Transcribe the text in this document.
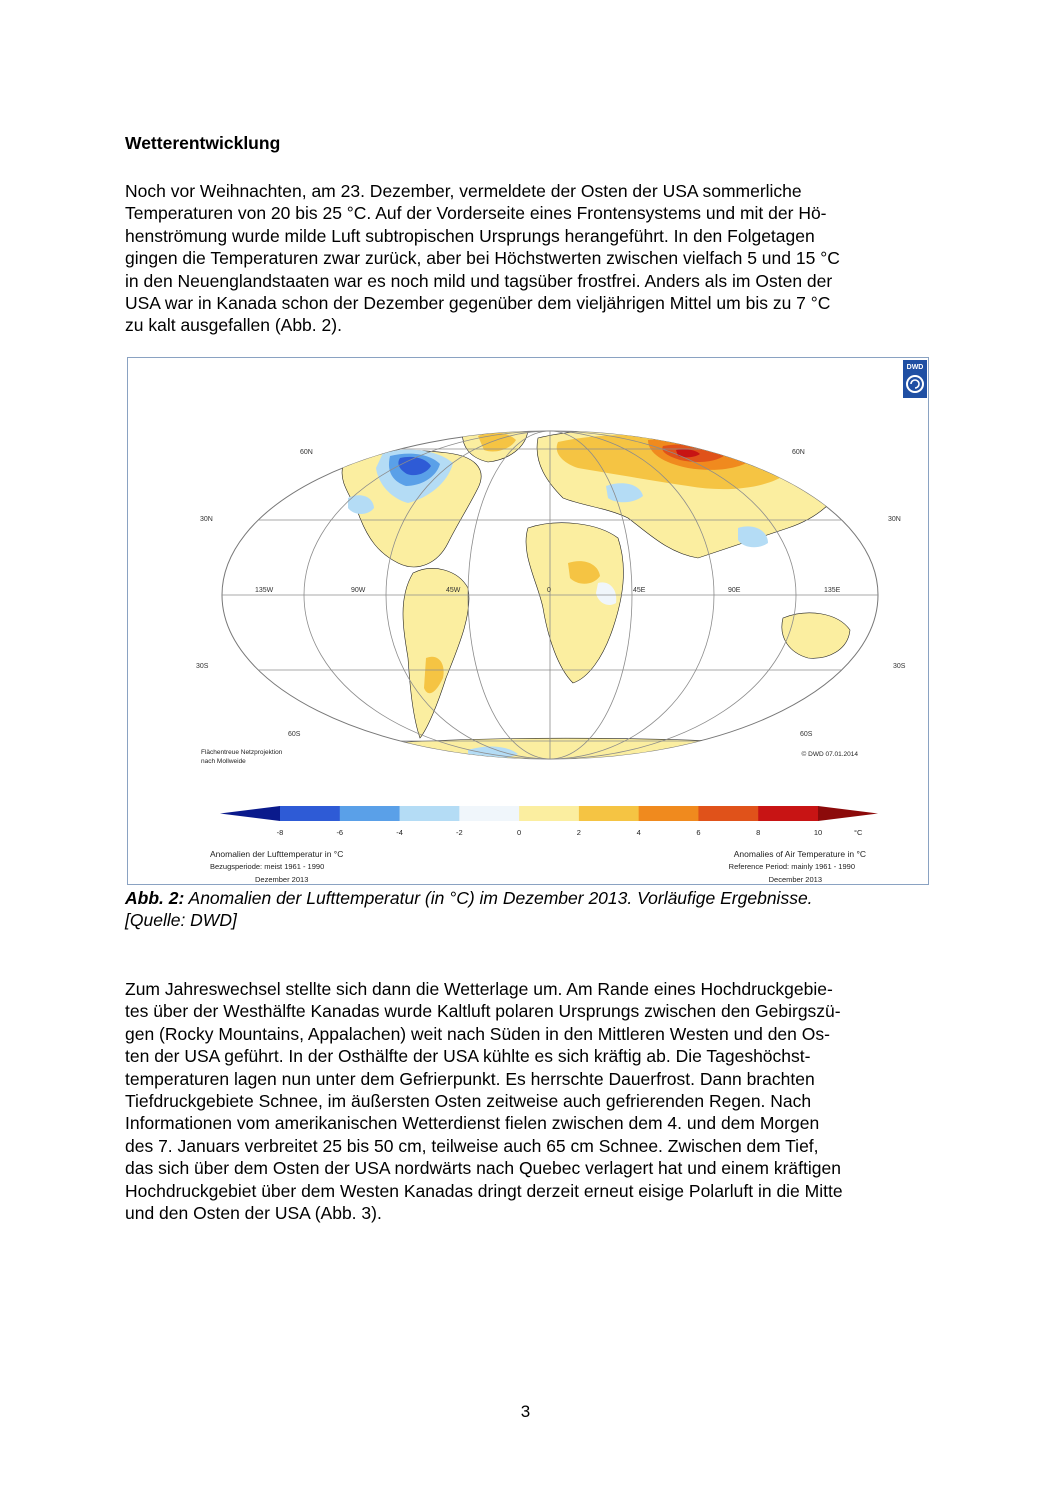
Wetterentwicklung
Noch vor Weihnachten, am 23. Dezember, vermeldete der Osten der USA sommerliche
Temperaturen von 20 bis 25 °C. Auf der Vorderseite eines Frontensystems und mit der Hö-
henströmung wurde milde Luft subtropischen Ursprungs herangeführt. In den Folgetagen
gingen die Temperaturen zwar zurück, aber bei Höchstwerten zwischen vielfach 5 und 15 °C
in den Neuenglandstaaten war es noch mild und tagsüber frostfrei. Anders als im Osten der
USA war in Kanada schon der Dezember gegenüber dem vieljährigen Mittel um bis zu 7 °C
zu kalt ausgefallen (Abb. 2).
60N	60N
30N	30N
30S	30S
60S	60S
135W	90W	45W	0	45E	90E	135E
DWD
Flächentreue Netzprojektion
nach Mollweide
© DWD 07.01.2014
-8	-6	-4	-2	0	2	4	6	8	10	°C
Anomalien der Lufttemperatur in °C
Bezugsperiode: meist 1961 - 1990
Dezember 2013
Anomalies of Air Temperature in °C
Reference Period: mainly 1961 - 1990
December 2013
Abb. 2: Anomalien der Lufttemperatur (in °C) im Dezember 2013. Vorläufige Ergebnisse.
[Quelle: DWD]
Zum Jahreswechsel stellte sich dann die Wetterlage um. Am Rande eines Hochdruckgebie-
tes über der Westhälfte Kanadas wurde Kaltluft polaren Ursprungs zwischen den Gebirgszü-
gen (Rocky Mountains, Appalachen) weit nach Süden in den Mittleren Westen und den Os-
ten der USA geführt. In der Osthälfte der USA kühlte es sich kräftig ab. Die Tageshöchst-
temperaturen lagen nun unter dem Gefrierpunkt. Es herrschte Dauerfrost. Dann brachten
Tiefdruckgebiete Schnee, im äußersten Osten zeitweise auch gefrierenden Regen. Nach
Informationen vom amerikanischen Wetterdienst fielen zwischen dem 4. und dem Morgen
des 7. Januars verbreitet 25 bis 50 cm, teilweise auch 65 cm Schnee. Zwischen dem Tief,
das sich über dem Osten der USA nordwärts nach Quebec verlagert hat und einem kräftigen
Hochdruckgebiet über dem Westen Kanadas dringt derzeit erneut eisige Polarluft in die Mitte
und den Osten der USA (Abb. 3).
3
